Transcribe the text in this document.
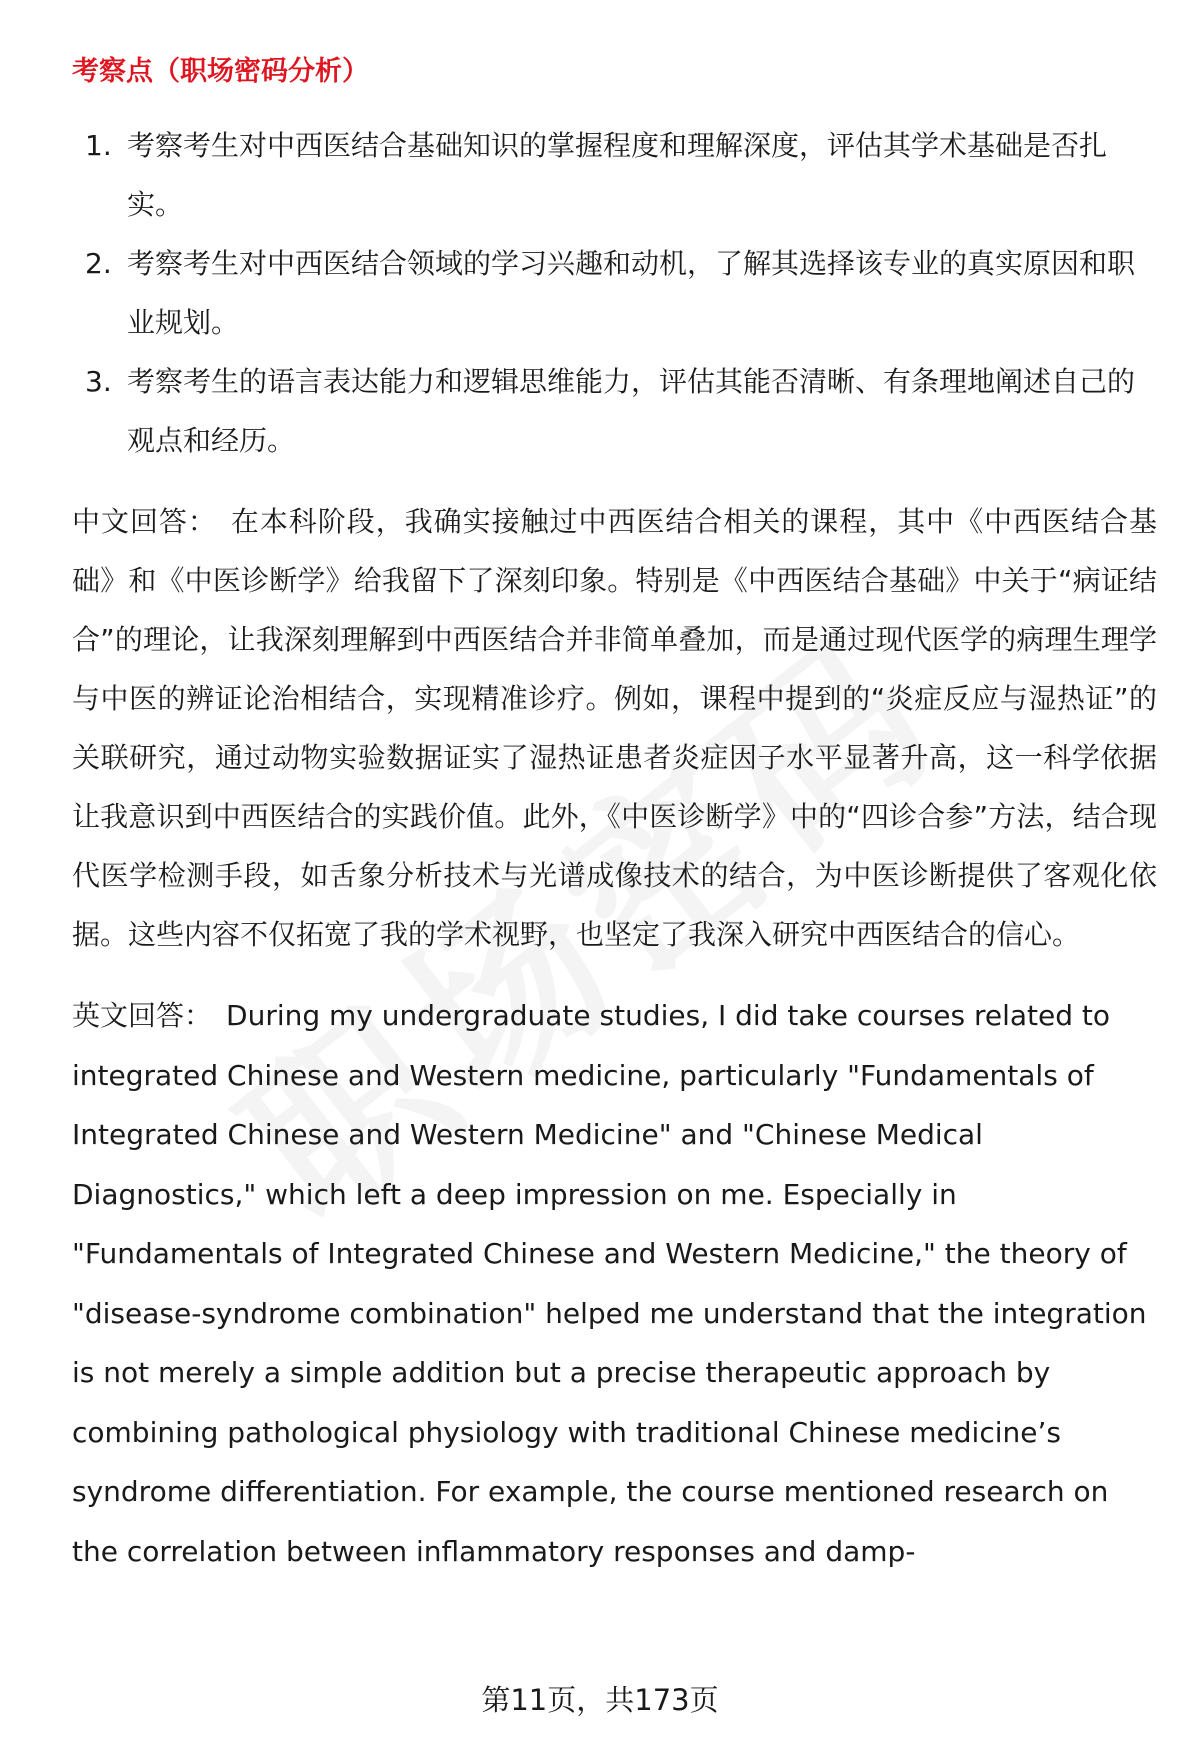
考察点（职场密码分析）
1. 考察考生对中西医结合基础知识的掌握程度和理解深度，评估其学术基础是否扎实。
2. 考察考生对中西医结合领域的学习兴趣和动机，了解其选择该专业的真实原因和职业规划。
3. 考察考生的语言表达能力和逻辑思维能力，评估其能否清晰、有条理地阐述自己的观点和经历。

中文回答： 在本科阶段，我确实接触过中西医结合相关的课程，其中《中西医结合基础》和《中医诊断学》给我留下了深刻印象。特别是《中西医结合基础》中关于“病证结合”的理论，让我深刻理解到中西医结合并非简单叠加，而是通过现代医学的病理生理学与中医的辨证论治相结合，实现精准诊疗。例如，课程中提到的“炎症反应与湿热证”的关联研究，通过动物实验数据证实了湿热证患者炎症因子水平显著升高，这一科学依据让我意识到中西医结合的实践价值。此外，《中医诊断学》中的“四诊合参”方法，结合现代医学检测手段，如舌象分析技术与光谱成像技术的结合，为中医诊断提供了客观化依据。这些内容不仅拓宽了我的学术视野，也坚定了我深入研究中西医结合的信心。

英文回答： During my undergraduate studies, I did take courses related to integrated Chinese and Western medicine, particularly "Fundamentals of Integrated Chinese and Western Medicine" and "Chinese Medical Diagnostics," which left a deep impression on me. Especially in "Fundamentals of Integrated Chinese and Western Medicine," the theory of "disease-syndrome combination" helped me understand that the integration is not merely a simple addition but a precise therapeutic approach by combining pathological physiology with traditional Chinese medicine’s syndrome differentiation. For example, the course mentioned research on the correlation between inflammatory responses and damp-

第11页，共173页
